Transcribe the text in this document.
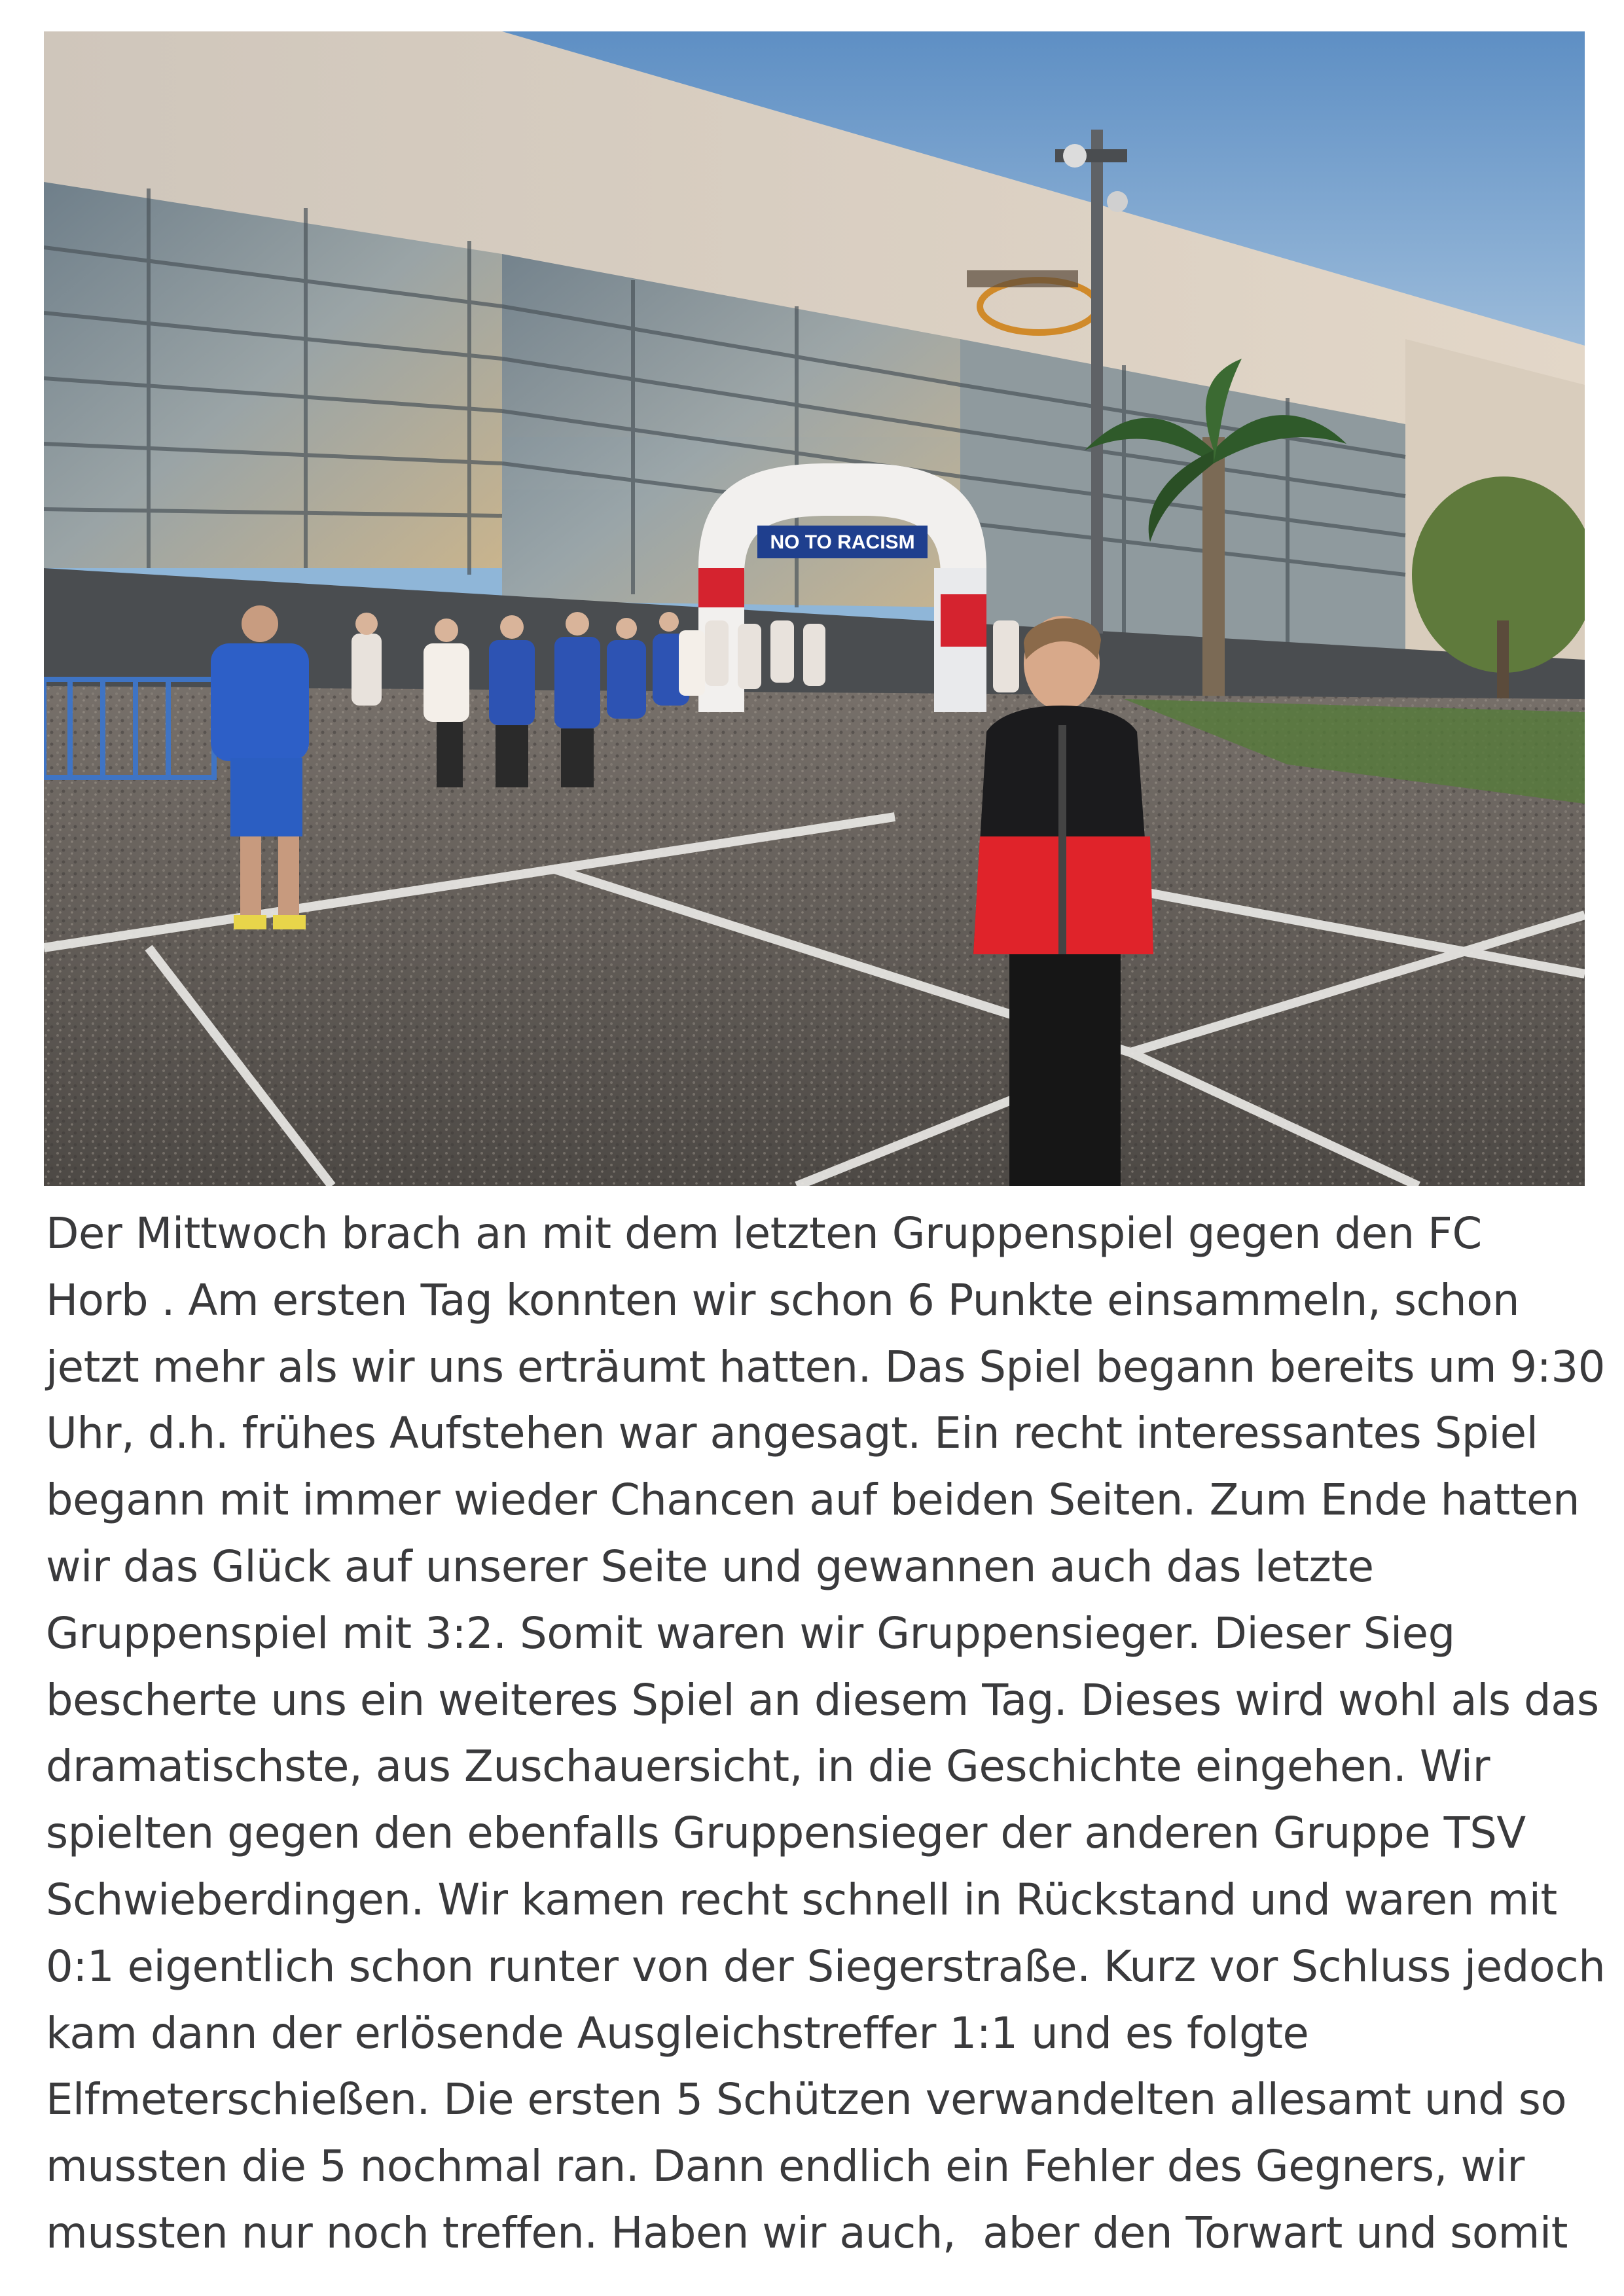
NO TO RACISM
Der Mittwoch brach an mit dem letzten Gruppenspiel gegen den FC
Horb . Am ersten Tag konnten wir schon 6 Punkte einsammeln, schon
jetzt mehr als wir uns erträumt hatten. Das Spiel begann bereits um 9:30
Uhr, d.h. frühes Aufstehen war angesagt. Ein recht interessantes Spiel
begann mit immer wieder Chancen auf beiden Seiten. Zum Ende hatten
wir das Glück auf unserer Seite und gewannen auch das letzte
Gruppenspiel mit 3:2. Somit waren wir Gruppensieger. Dieser Sieg
bescherte uns ein weiteres Spiel an diesem Tag. Dieses wird wohl als das
dramatischste, aus Zuschauersicht, in die Geschichte eingehen. Wir
spielten gegen den ebenfalls Gruppensieger der anderen Gruppe TSV
Schwieberdingen. Wir kamen recht schnell in Rückstand und waren mit
0:1 eigentlich schon runter von der Siegerstraße. Kurz vor Schluss jedoch
kam dann der erlösende Ausgleichstreffer 1:1 und es folgte
Elfmeterschießen. Die ersten 5 Schützen verwandelten allesamt und so
mussten die 5 nochmal ran. Dann endlich ein Fehler des Gegners, wir
mussten nur noch treffen. Haben wir auch,  aber den Torwart und somit
